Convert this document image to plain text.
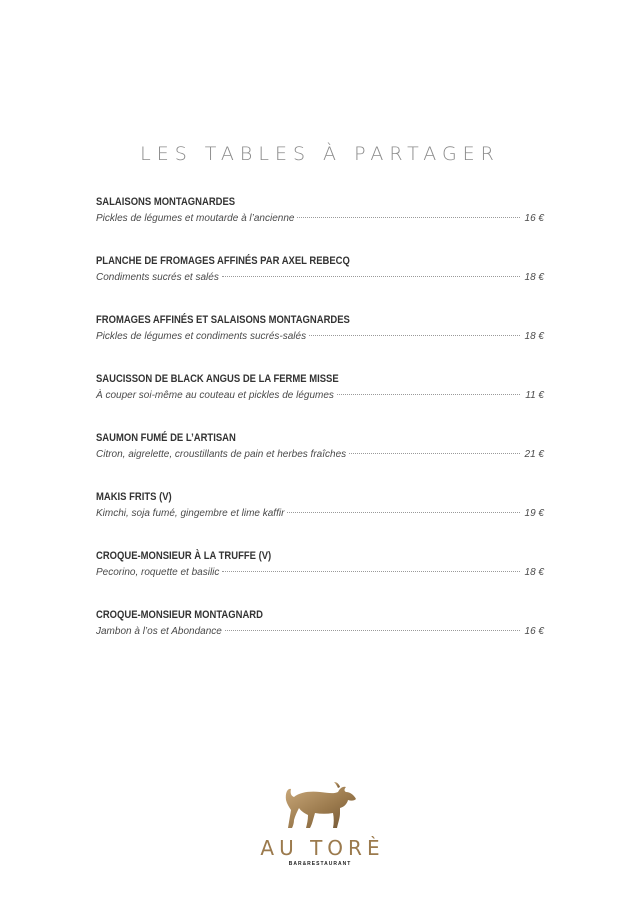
LES TABLES À PARTAGER
SALAISONS MONTAGNARDES
Pickles de légumes et moutarde à l’ancienne	16 €
PLANCHE DE FROMAGES AFFINÉS PAR AXEL REBECQ
Condiments sucrés et salés	18 €
FROMAGES AFFINÉS ET SALAISONS MONTAGNARDES
Pickles de légumes et condiments sucrés-salés	18 €
SAUCISSON DE BLACK ANGUS DE LA FERME MISSE
À couper soi-même au couteau et pickles de légumes	11 €
SAUMON FUMÉ DE L’ARTISAN
Citron, aigrelette, croustillants de pain et herbes fraîches	21 €
MAKIS FRITS (V)
Kimchi, soja fumé, gingembre et lime kaffir	19 €
CROQUE-MONSIEUR À LA TRUFFE (V)
Pecorino, roquette et basilic	18 €
CROQUE-MONSIEUR MONTAGNARD
Jambon à l’os et Abondance	16 €
AU TORÈ
BAR&RESTAURANT
